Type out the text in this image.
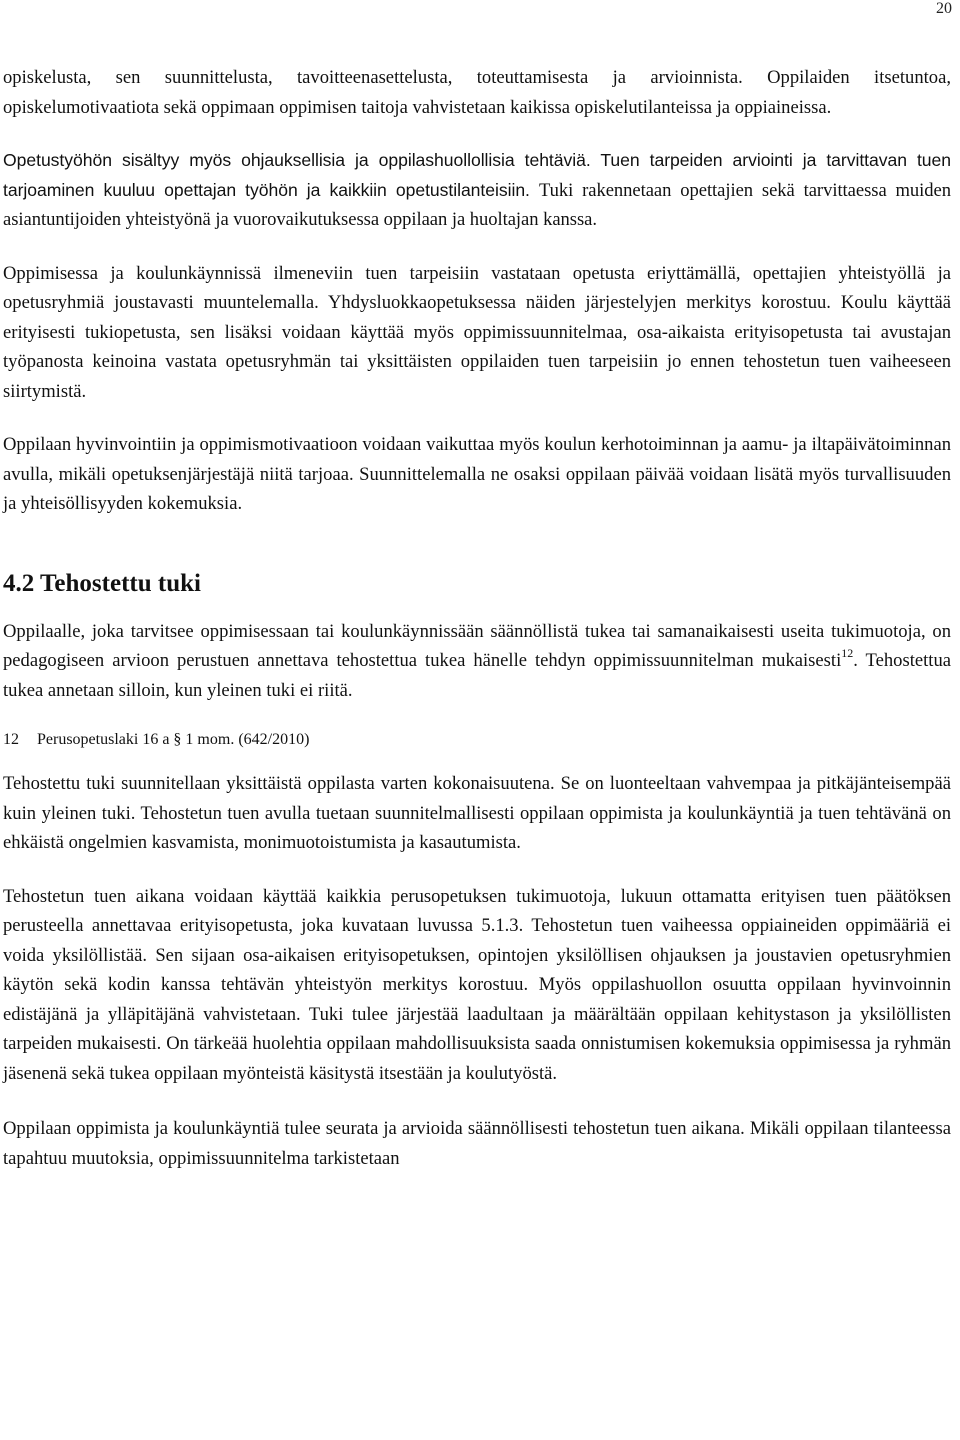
20

opiskelusta, sen suunnittelusta, tavoitteenasettelusta, toteuttamisesta ja arvioinnista. Oppilaiden itsetuntoa, opiskelumotivaatiota sekä oppimaan oppimisen taitoja vahvistetaan kaikissa opiskelutilanteissa ja oppiaineissa.

Opetustyöhön sisältyy myös ohjauksellisia ja oppilashuollollisia tehtäviä. Tuen tarpeiden arviointi ja tarvittavan tuen tarjoaminen kuuluu opettajan työhön ja kaikkiin opetustilanteisiin. Tuki rakennetaan opettajien sekä tarvittaessa muiden asiantuntijoiden yhteistyönä ja vuorovaikutuksessa oppilaan ja huoltajan kanssa.

Oppimisessa ja koulunkäynnissä ilmeneviin tuen tarpeisiin vastataan opetusta eriyttämällä, opettajien yhteistyöllä ja opetusryhmiä joustavasti muuntelemalla. Yhdysluokkaopetuksessa näiden järjestelyjen merkitys korostuu. Koulu käyttää erityisesti tukiopetusta, sen lisäksi voidaan käyttää myös oppimissuunnitelmaa, osa-aikaista erityisopetusta tai avustajan työpanosta keinoina vastata opetusryhmän tai yksittäisten oppilaiden tuen tarpeisiin jo ennen tehostetun tuen vaiheeseen siirtymistä.

Oppilaan hyvinvointiin ja oppimismotivaatioon voidaan vaikuttaa myös koulun kerhotoiminnan ja aamu- ja iltapäivätoiminnan avulla, mikäli opetuksenjärjestäjä niitä tarjoaa. Suunnittelemalla ne osaksi oppilaan päivää voidaan lisätä myös turvallisuuden ja yhteisöllisyyden kokemuksia.

4.2 Tehostettu tuki

Oppilaalle, joka tarvitsee oppimisessaan tai koulunkäynnissään säännöllistä tukea tai samanaikaisesti useita tukimuotoja, on pedagogiseen arvioon perustuen annettava tehostettua tukea hänelle tehdyn oppimissuunnitelman mukaisesti$^{12}$. Tehostettua tukea annetaan silloin, kun yleinen tuki ei riitä.

12 Perusopetuslaki 16 a § 1 mom. (642/2010)

Tehostettu tuki suunnitellaan yksittäistä oppilasta varten kokonaisuutena. Se on luonteeltaan vahvempaa ja pitkäjänteisempää kuin yleinen tuki. Tehostetun tuen avulla tuetaan suunnitelmallisesti oppilaan oppimista ja koulunkäyntiä ja tuen tehtävänä on ehkäistä ongelmien kasvamista, monimuotoistumista ja kasautumista.

Tehostetun tuen aikana voidaan käyttää kaikkia perusopetuksen tukimuotoja, lukuun ottamatta erityisen tuen päätöksen perusteella annettavaa erityisopetusta, joka kuvataan luvussa 5.1.3. Tehostetun tuen vaiheessa oppiaineiden oppimääriä ei voida yksilöllistää. Sen sijaan osa-aikaisen erityisopetuksen, opintojen yksilöllisen ohjauksen ja joustavien opetusryhmien käytön sekä kodin kanssa tehtävän yhteistyön merkitys korostuu. Myös oppilashuollon osuutta oppilaan hyvinvoinnin edistäjänä ja ylläpitäjänä vahvistetaan. Tuki tulee järjestää laadultaan ja määrältään oppilaan kehitystason ja yksilöllisten tarpeiden mukaisesti. On tärkeää huolehtia oppilaan mahdollisuuksista saada onnistumisen kokemuksia oppimisessa ja ryhmän jäsenenä sekä tukea oppilaan myönteistä käsitystä itsestään ja koulutyöstä.

Oppilaan oppimista ja koulunkäyntiä tulee seurata ja arvioida säännöllisesti tehostetun tuen aikana. Mikäli oppilaan tilanteessa tapahtuu muutoksia, oppimissuunnitelma tarkistetaan
